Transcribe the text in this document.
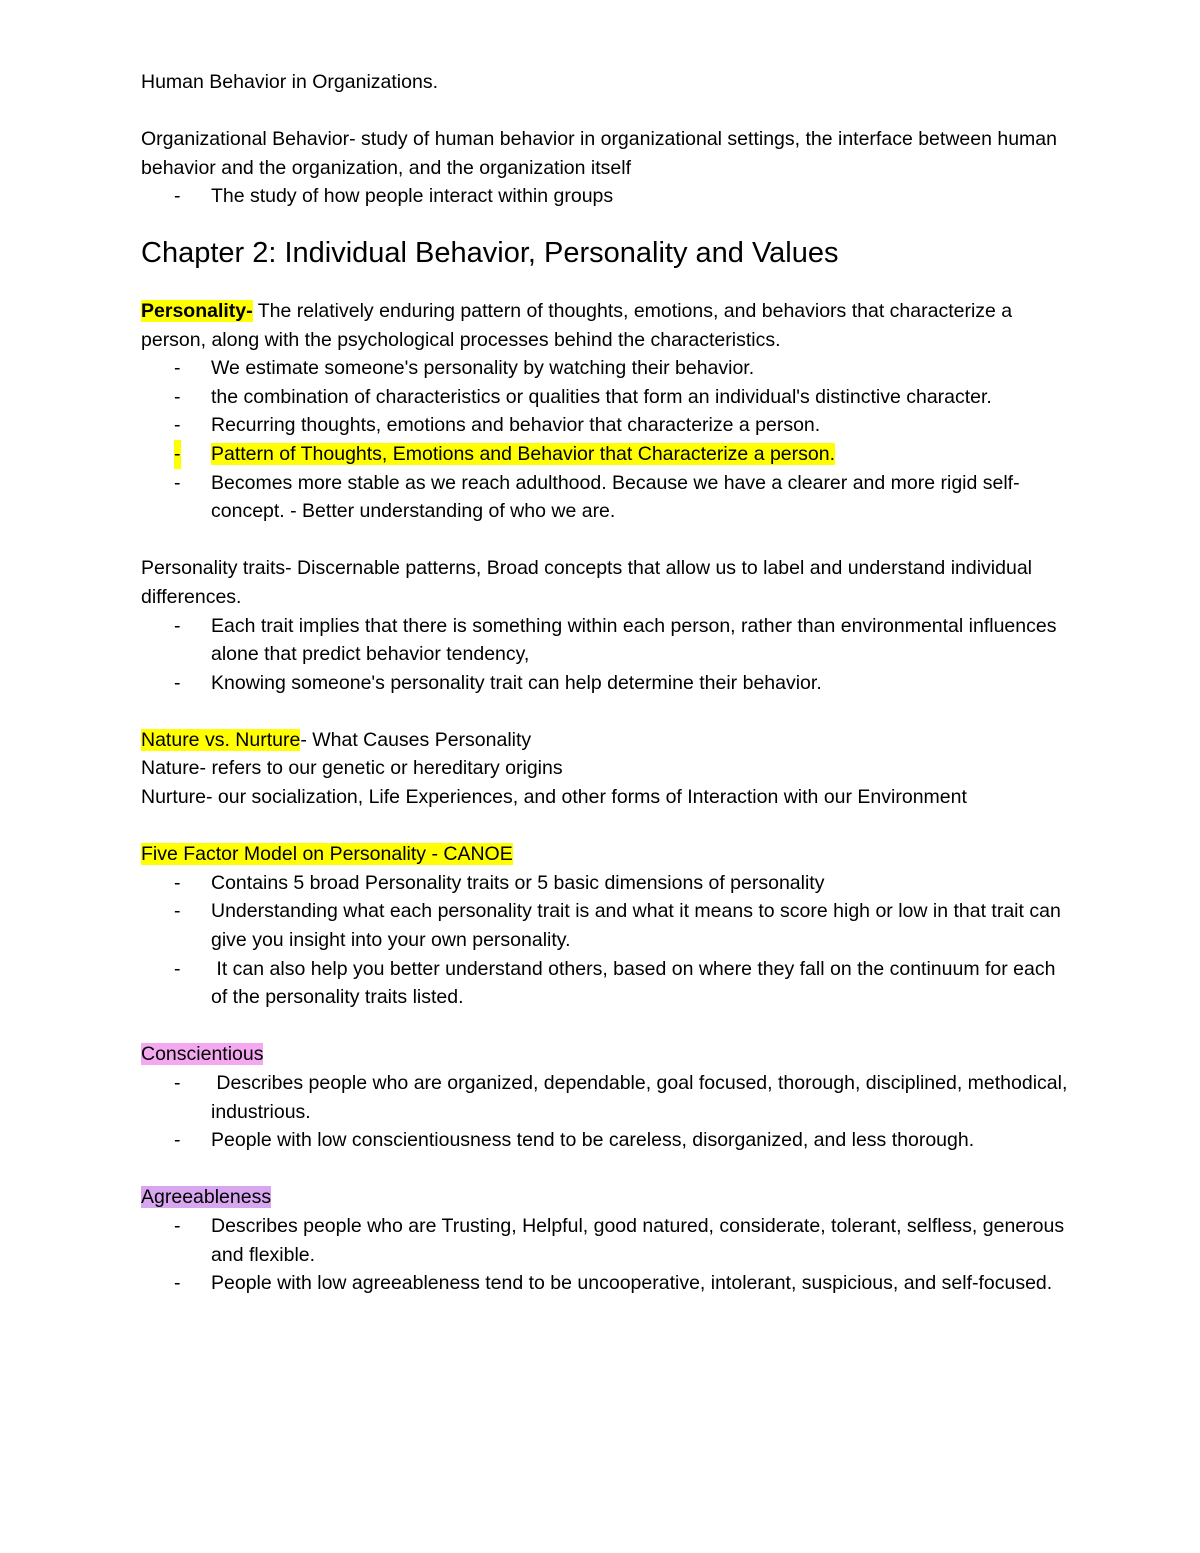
Human Behavior in Organizations.

Organizational Behavior- study of human behavior in organizational settings, the interface between human behavior and the organization, and the organization itself

- The study of how people interact within groups

Chapter 2: Individual Behavior, Personality and Values

Personality- The relatively enduring pattern of thoughts, emotions, and behaviors that characterize a person, along with the psychological processes behind the characteristics.

- We estimate someone's personality by watching their behavior.
- the combination of characteristics or qualities that form an individual's distinctive character.
- Recurring thoughts, emotions and behavior that characterize a person.
- Pattern of Thoughts, Emotions and Behavior that Characterize a person.
- Becomes more stable as we reach adulthood. Because we have a clearer and more rigid self- concept. - Better understanding of who we are.

Personality traits- Discernable patterns, Broad concepts that allow us to label and understand individual differences.

- Each trait implies that there is something within each person, rather than environmental influences alone that predict behavior tendency,
- Knowing someone's personality trait can help determine their behavior.

Nature vs. Nurture- What Causes Personality

Nature- refers to our genetic or hereditary origins

Nurture- our socialization, Life Experiences, and other forms of Interaction with our Environment

Five Factor Model on Personality - CANOE

- Contains 5 broad Personality traits or 5 basic dimensions of personality
- Understanding what each personality trait is and what it means to score high or low in that trait can give you insight into your own personality.
- It can also help you better understand others, based on where they fall on the continuum for each of the personality traits listed.

Conscientious

- Describes people who are organized, dependable, goal focused, thorough, disciplined, methodical, industrious.
- People with low conscientiousness tend to be careless, disorganized, and less thorough.

Agreeableness

- Describes people who are Trusting, Helpful, good natured, considerate, tolerant, selfless, generous and flexible.
- People with low agreeableness tend to be uncooperative, intolerant, suspicious, and self-focused.
